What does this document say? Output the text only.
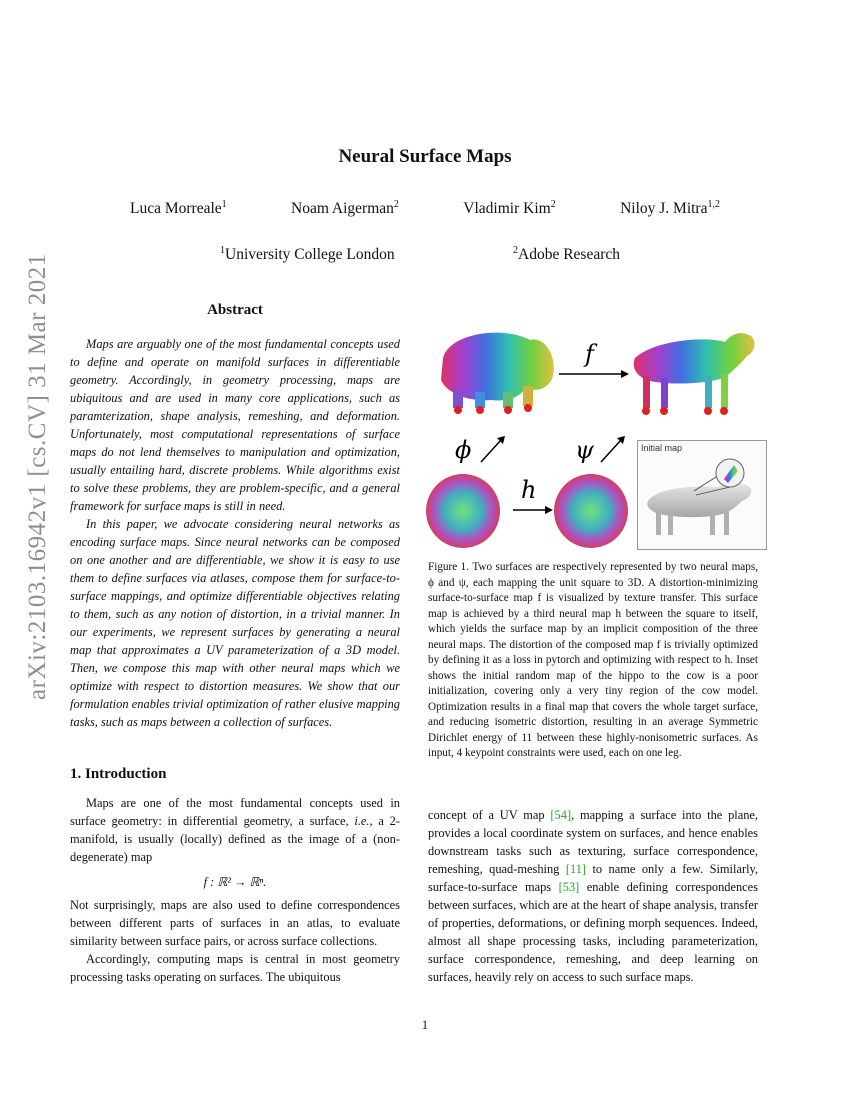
arXiv:2103.16942v1 [cs.CV] 31 Mar 2021
Neural Surface Maps
Luca Morreale$^1$	Noam Aigerman$^2$	Vladimir Kim$^2$	Niloy J. Mitra$^{1,2}$
$^1$University College London	$^2$Adobe Research
Abstract

Maps are arguably one of the most fundamental concepts used to define and operate on manifold surfaces in differentiable geometry. Accordingly, in geometry processing, maps are ubiquitous and are used in many core applications, such as paramterization, shape analysis, remeshing, and deformation. Unfortunately, most computational representations of surface maps do not lend themselves to manipulation and optimization, usually entailing hard, discrete problems. While algorithms exist to solve these problems, they are problem-specific, and a general framework for surface maps is still in need.

In this paper, we advocate considering neural networks as encoding surface maps. Since neural networks can be composed on one another and are differentiable, we show it is easy to use them to define surfaces via atlases, compose them for surface-to-surface mappings, and optimize differentiable objectives relating to them, such as any notion of distortion, in a trivial manner. In our experiments, we represent surfaces by generating a neural map that approximates a UV parameterization of a 3D model. Then, we compose this map with other neural maps which we optimize with respect to distortion measures. We show that our formulation enables trivial optimization of rather elusive mapping tasks, such as maps between a collection of surfaces.

1. Introduction

Maps are one of the most fundamental concepts used in surface geometry: in differential geometry, a surface, i.e., a 2-manifold, is usually (locally) defined as the image of a (non-degenerate) map

f : ℝ² → ℝⁿ.

Not surprisingly, maps are also used to define correspondences between different parts of surfaces in an atlas, to evaluate similarity between surface pairs, or across surface collections.

Accordingly, computing maps is central in most geometry processing tasks operating on surfaces. The ubiquitous

concept of a UV map [54], mapping a surface into the plane, provides a local coordinate system on surfaces, and hence enables downstream tasks such as texturing, surface correspondence, remeshing, quad-meshing [11] to name only a few. Similarly, surface-to-surface maps [53] enable defining correspondences between surfaces, which are at the heart of shape analysis, transfer of properties, deformations, or defining morph sequences. Indeed, almost all shape processing tasks, including parameterization, surface correspondence, remeshing, and deep learning on surfaces, heavily rely on access to such surface maps.

f
ϕ	ψ
h
Initial map
Figure 1. Two surfaces are respectively represented by two neural maps, ϕ and ψ, each mapping the unit square to 3D. A distortion-minimizing surface-to-surface map f is visualized by texture transfer. This surface map is achieved by a third neural map h between the square to itself, which yields the surface map by an implicit composition of the three neural maps. The distortion of the composed map f is trivially optimized by defining it as a loss in pytorch and optimizing with respect to h. Inset shows the initial random map of the hippo to the cow is a poor initialization, covering only a very tiny region of the cow model. Optimization results in a final map that covers the whole target surface, and reducing isometric distortion, resulting in an average Symmetric Dirichlet energy of 11 between these highly-nonisometric surfaces. As input, 4 keypoint constraints were used, each on one leg.
1
